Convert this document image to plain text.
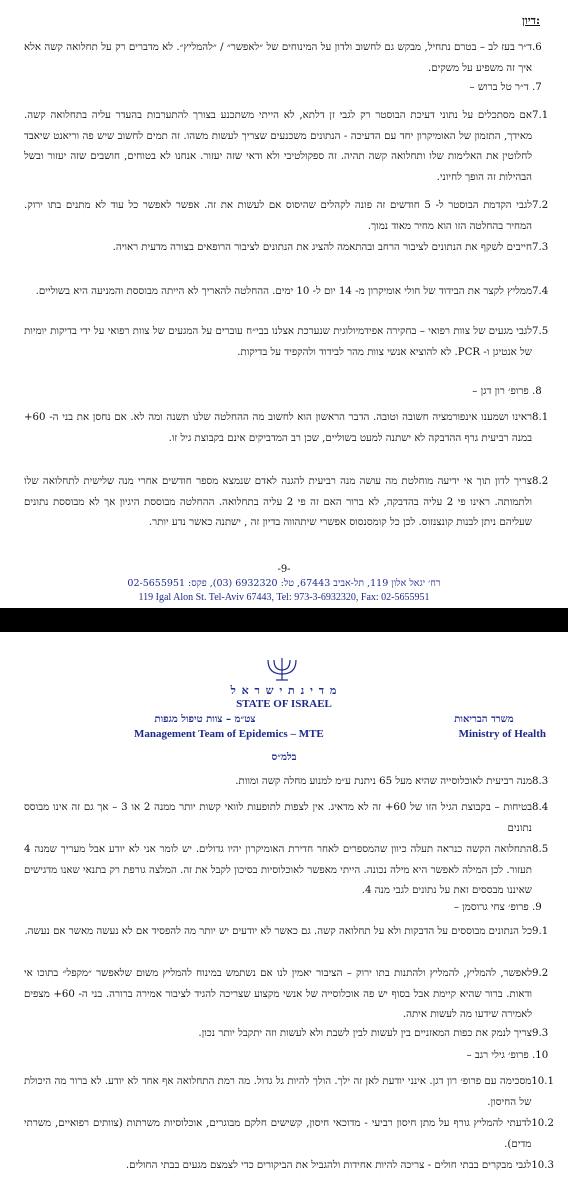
דיון:
6.
ד״ר בעז לב – בטרם נתחיל, מבקש גם לחשוב ולדון על המינוחים של ״לאפשר״ / ״להמליץ״. לא מדברים רק על תחלואה קשה אלא איך זה משפיע על משקים.
7. ד״ר טל ברוש –
7.1
אם מסתכלים על נתוני דעיכת הבוסטר רק לגבי זן דלתא, לא הייתי משתכנע בצורך להתערבות בהעדר עליה בתחלואה קשה. מאידך, התזמון של האומיקרון יחד עם הדעיכה - הנתונים משכנעים שצריך לעשות משהו. זה תמים לחשוב שיש פה וריאנט שיאבד לחלוטין את האלימות שלו ותחלואה קשה תהיה. זה ספקולטיבי ולא ודאי שזה יעזור. אנחנו לא בטוחים, חושבים שזה יעזור ובשל הבהילות זה הופך לחיוני.
7.2
לגבי הקדמת הבוסטר ל- 5 חודשים זה פונה לקהלים שהיסוס אם לעשות את זה. אפשר לאפשר כל עוד לא מתנים בתו ירוק. המחיר בהחלטה הזו הוא מחיר מאוד נמוך.
7.3
חייבים לשקף את הנתונים לציבור הרחב ובהתאמה להציג את הנתונים לציבור הרופאים בצורה מדעית ראויה.
7.4
ממליץ לקצר את הבידוד של חולי אומיקרון מ- 14 יום ל- 10 ימים. ההחלטה להאריך לא הייתה מבוססת והמניעה היא בשוליים.
7.5
לגבי מגעים של צוות רפואי – בחקירה אפידמיולוגית שנערכת אצלנו בבי״ח עוברים על המגעים של צוות רפואי על ידי בדיקות יומיות של אנטיגן ו- PCR. לא להוציא אנשי צוות מהר לבידוד ולהקפיד על בדיקות.
8. פרופ׳ רון דגן –
8.1
ראינו ושמענו אינפורמציה חשובה וטובה. הדבר הראשון הוא לחשוב מה ההחלטה שלנו תשנה ומה לא. אם נחסן את בני ה- 60+ במנה רביעית גרף ההדבקה לא ישתנה למעט בשוליים, שכן רב המדביקים אינם בקבוצת גיל זו.
8.2
צריך לדון תוך אי ידיעה מוחלטת מה עושה מנה רביעית להגנה לאדם שנמצא מספר חודשים אחרי מנה שלישית לתחלואה שלו ולתמותה. ראינו פי 2 עליה בהדבקה, לא ברור האם זה פי 2 עליה בתחלואה. ההחלטה מבוססת היגיון אך לא מבוססת נתונים שעליהם ניתן לבנות קונצנזוס. לכן כל קומסנסוס אפשרי שיתהווה בדיון זה , ישתנה כאשר נדע יותר.
-9-
רח׳ יגאל אלון 119, תל-אביב 67443, טל: 6932320 (03), פקס: 02-5655951
119 Igal Alon St. Tel-Aviv 67443, Tel: 973-3-6932320, Fax: 02-5655951
מ ד י נ ת י ש ר א ל
STATE OF ISRAEL
צט״מ – צוות טיפול מגפות
Management Team of Epidemics – MTE
משרד הבריאות
Ministry of Health
בלמ״ס
8.3
מנה רביעית לאוכלוסייה שהיא מעל 65 ניתנת ע״מ למנוע מחלה קשה ומוות.
8.4
בטיחות – בקבוצת הגיל הזו של 60+ זה לא מדאיג. אין לצפות לתופעות לוואי קשות יותר ממנה 2 או 3 – אך גם זה אינו מבוסס נתונים
8.5
התחלואה הקשה כנראה תעלה כיוון שהמספרים לאחר חדירת האומיקרון יהיו גדולים. יש לומר אני לא יודע אבל מעריך שמנה 4 תעזור. לכן המילה לאפשר היא מילה נכונה. הייתי מאפשר לאוכלוסיות בסיכון לקבל את זה. המלצה גורפת רק בתנאי שאנו מדגישים שאיננו מבססים זאת על נתונים לגבי מנה 4.
9. פרופ׳ צחי גרוסמן –
9.1
כל הנתונים מבוססים על הדבקות ולא על תחלואה קשה. גם כאשר לא יודעים יש יותר מה להפסיד אם לא נעשה מאשר אם נעשה.
9.2
לאפשר, להמליץ, להמליץ ולהתנות בתו ירוק – הציבור יאמין לנו אם נשתמש במינוח להמליץ משום שלאפשר ״מקפל״ בתוכו אי ודאות. ברור שהיא קיימת אבל בסוף יש פה אוכלוסייה של אנשי מקצוע שצריכה להגיד לציבור אמירה ברורה. בני ה- 60+ מצפים לאמירה שידעו מה לעשות איתה.
9.3
צריך לנמק את כפות המאזניים בין לעשות לבין לשבת ולא לעשות וזה יתקבל יותר נכון.
10. פרופ׳ גילי רגב –
10.1
מסכימה עם פרופ׳ רון דגן. אינני יודעת לאן זה ילך. הולך להיות גל גדול. מה רמת התחלואה אף אחד לא יודע. לא ברור מה היכולת של החיסון.
10.2
לדעתי להמליץ גורף על מתן חיסון רביעי - מדוכאי חיסון, קשישים חלקם מבוגרים, אוכלוסיות משרתות (צוותים רפואיים, משרתי מדים).
10.3
לגבי מבקרים בבתי חולים - צריכה להיות אחידות ולהגביל את הביקורים כדי לצמצם מגעים בבתי החולים.
